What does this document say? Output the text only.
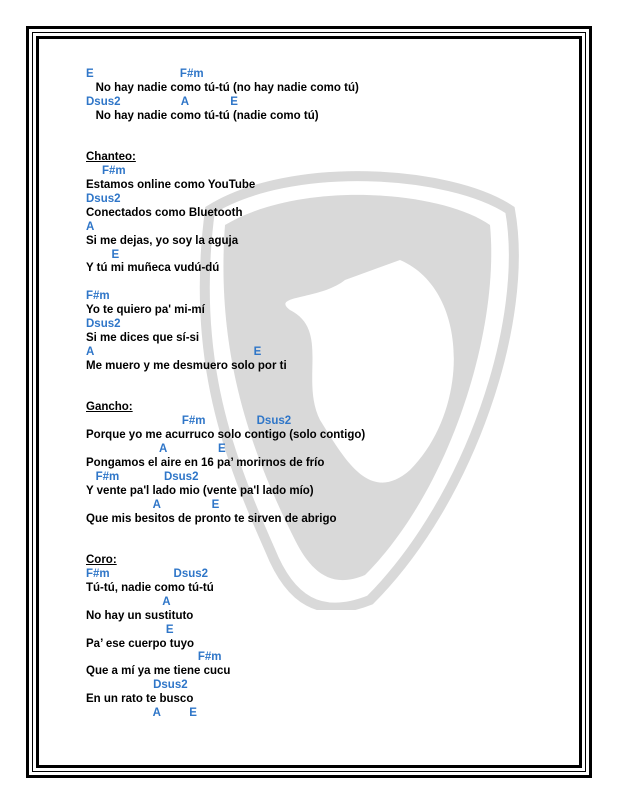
E                           F#m
No hay nadie como tú-tú (no hay nadie como tú)
Dsus2                   A             E
No hay nadie como tú-tú (nadie como tú)
Chanteo:
F#m
Estamos online como YouTube
Dsus2
Conectados como Bluetooth
A
Si me dejas, yo soy la aguja
E
Y tú mi muñeca vudú-dú
F#m
Yo te quiero pa' mi-mí
Dsus2
Si me dices que sí-si
A                                                  E
Me muero y me desmuero solo por ti
Gancho:
F#m                Dsus2
Porque yo me acurruco solo contigo (solo contigo)
A                E
Pongamos el aire en 16 pa’ morirnos de frío
F#m              Dsus2
Y vente pa'l lado mio (vente pa'l lado mío)
A                E
Que mis besitos de pronto te sirven de abrigo
Coro:
F#m                    Dsus2
Tú-tú, nadie como tú-tú
A
No hay un sustituto
E
Pa’ ese cuerpo tuyo
F#m
Que a mí ya me tiene cucu
Dsus2
En un rato te busco
A         E
